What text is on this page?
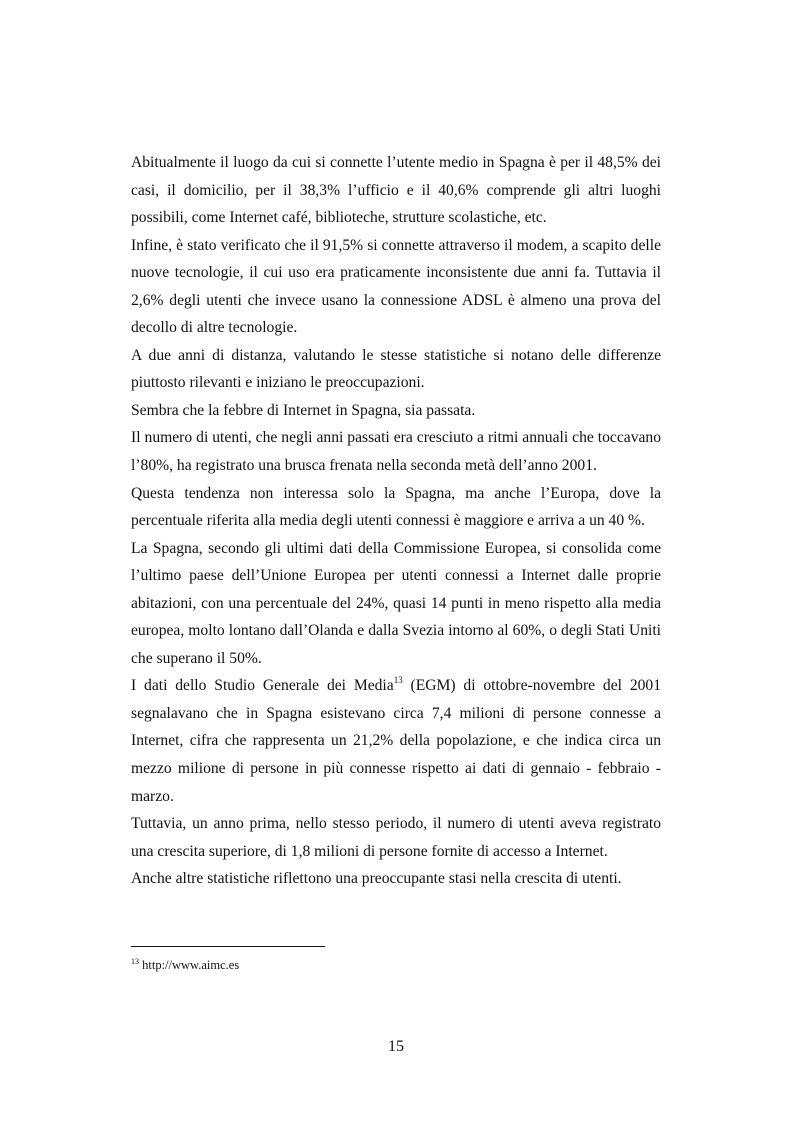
Abitualmente il luogo da cui si connette l’utente medio in Spagna è per il 48,5% dei casi, il domicilio, per il 38,3% l’ufficio e il 40,6% comprende gli altri luoghi possibili, come Internet café, biblioteche, strutture scolastiche, etc.

Infine, è stato verificato che il 91,5% si connette attraverso il modem, a scapito delle nuove tecnologie, il cui uso era praticamente inconsistente due anni fa. Tuttavia il 2,6% degli utenti che invece usano la connessione ADSL è almeno una prova del decollo di altre tecnologie.

A due anni di distanza, valutando le stesse statistiche si notano delle differenze piuttosto rilevanti e iniziano le preoccupazioni.

Sembra che la febbre di Internet in Spagna, sia passata.

Il numero di utenti, che negli anni passati era cresciuto a ritmi annuali che toccavano l’80%, ha registrato una brusca frenata nella seconda metà dell’anno 2001.

Questa tendenza non interessa solo la Spagna, ma anche l’Europa, dove la percentuale riferita alla media degli utenti connessi è maggiore e arriva a un 40 %.

La Spagna, secondo gli ultimi dati della Commissione Europea, si consolida come l’ultimo paese dell’Unione Europea per utenti connessi a Internet dalle proprie abitazioni, con una percentuale del 24%, quasi 14 punti in meno rispetto alla media europea, molto lontano dall’Olanda e dalla Svezia intorno al 60%, o degli Stati Uniti che superano il 50%.

I dati dello Studio Generale dei Media$^{13}$ (EGM) di ottobre-novembre del 2001 segnalavano che in Spagna esistevano circa 7,4 milioni di persone connesse a Internet, cifra che rappresenta un 21,2% della popolazione, e che indica circa un mezzo milione di persone in più connesse rispetto ai dati di gennaio - febbraio - marzo.

Tuttavia, un anno prima, nello stesso periodo, il numero di utenti aveva registrato una crescita superiore, di 1,8 milioni di persone fornite di accesso a Internet.

Anche altre statistiche riflettono una preoccupante stasi nella crescita di utenti.

$^{13}$ http://www.aimc.es
15
